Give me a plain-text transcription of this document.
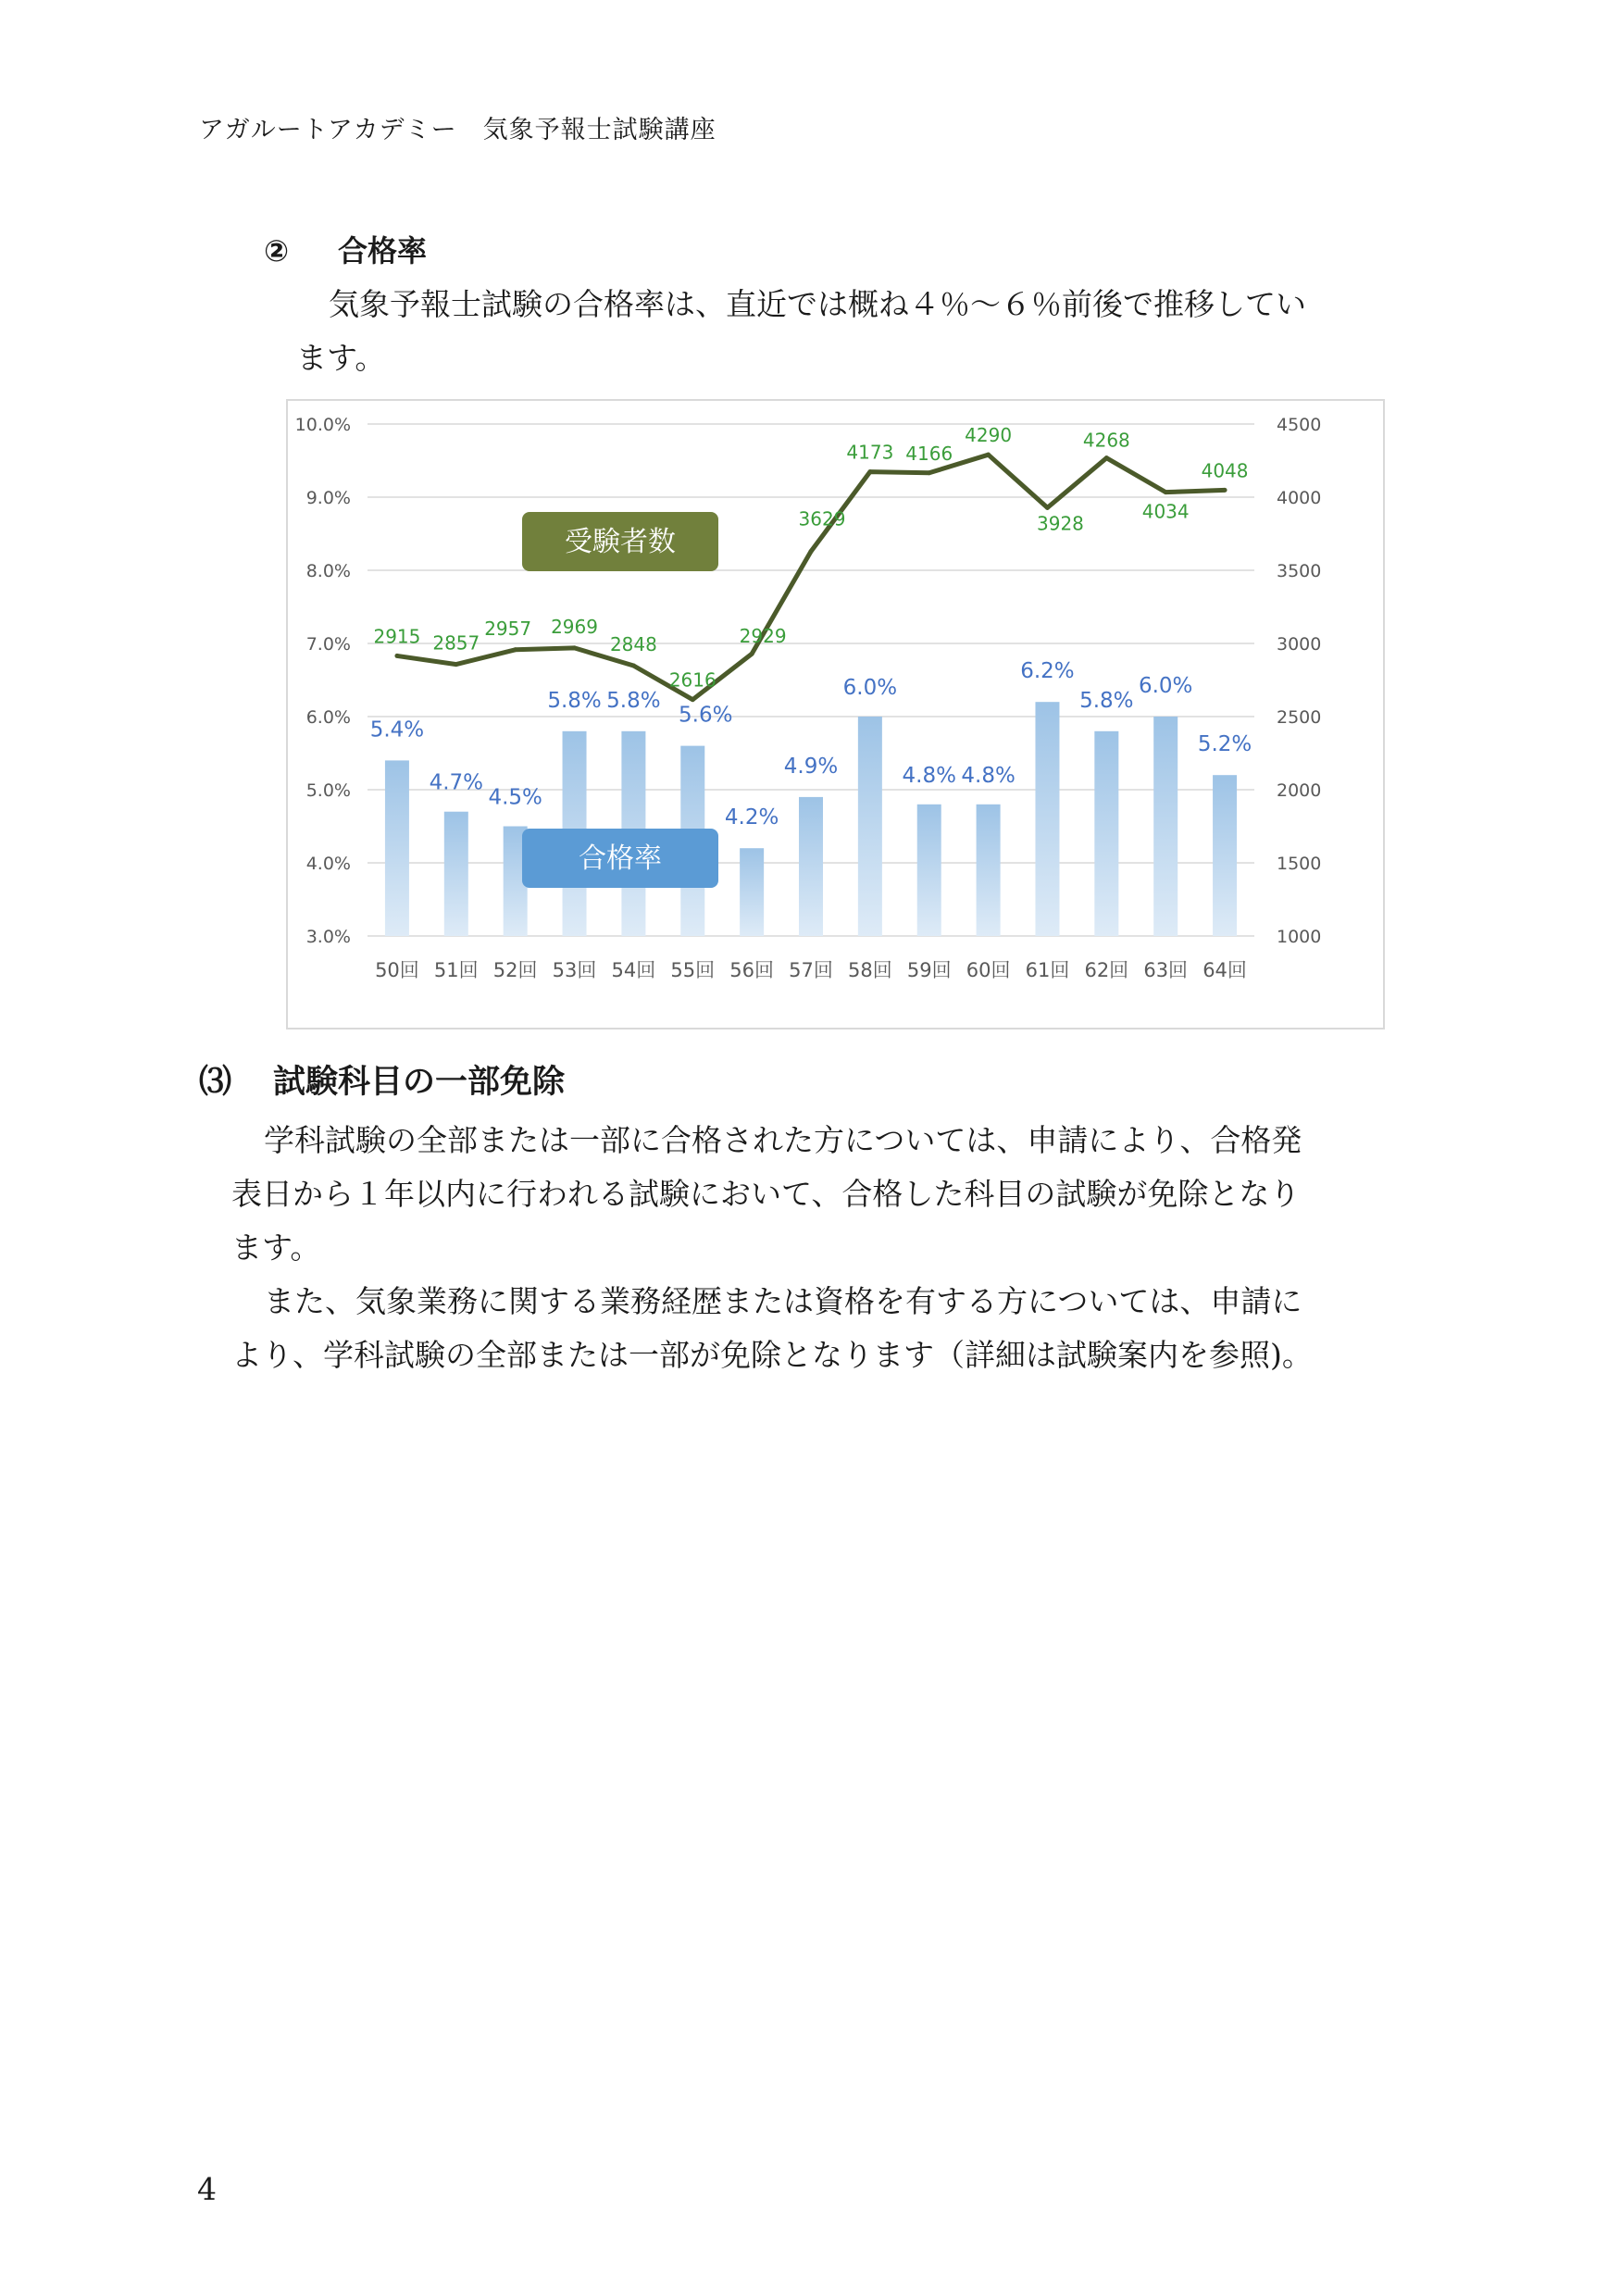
アガルートアカデミー　気象予報士試験講座
② 合格率
気象予報士試験の合格率は、直近では概ね４％～６％前後で推移してい
ます。
3.0%
4.0%
5.0%
6.0%
7.0%
8.0%
9.0%
10.0%
1000
1500
2000
2500
3000
3500
4000
4500
50回 51回 52回 53回 54回 55回 56回 57回 58回 59回 60回 61回 62回 63回 64回
5.4%
4.7%
4.5%
5.8% 5.8%
5.6%
4.2%
4.9%
6.0%
4.8% 4.8%
6.2%
5.8%
6.0%
5.2%
2915 2857
2957 2969
2848
2616
2929
3629
4173 4166
4290
3928
4268
4034
4048
受験者数
合格率
⑶ 試験科目の一部免除
学科試験の全部または一部に合格された方については、申請により、合格発
表日から１年以内に行われる試験において、合格した科目の試験が免除となり
ます。
また、気象業務に関する業務経歴または資格を有する方については、申請に
より、学科試験の全部または一部が免除となります（詳細は試験案内を参照)。
4
